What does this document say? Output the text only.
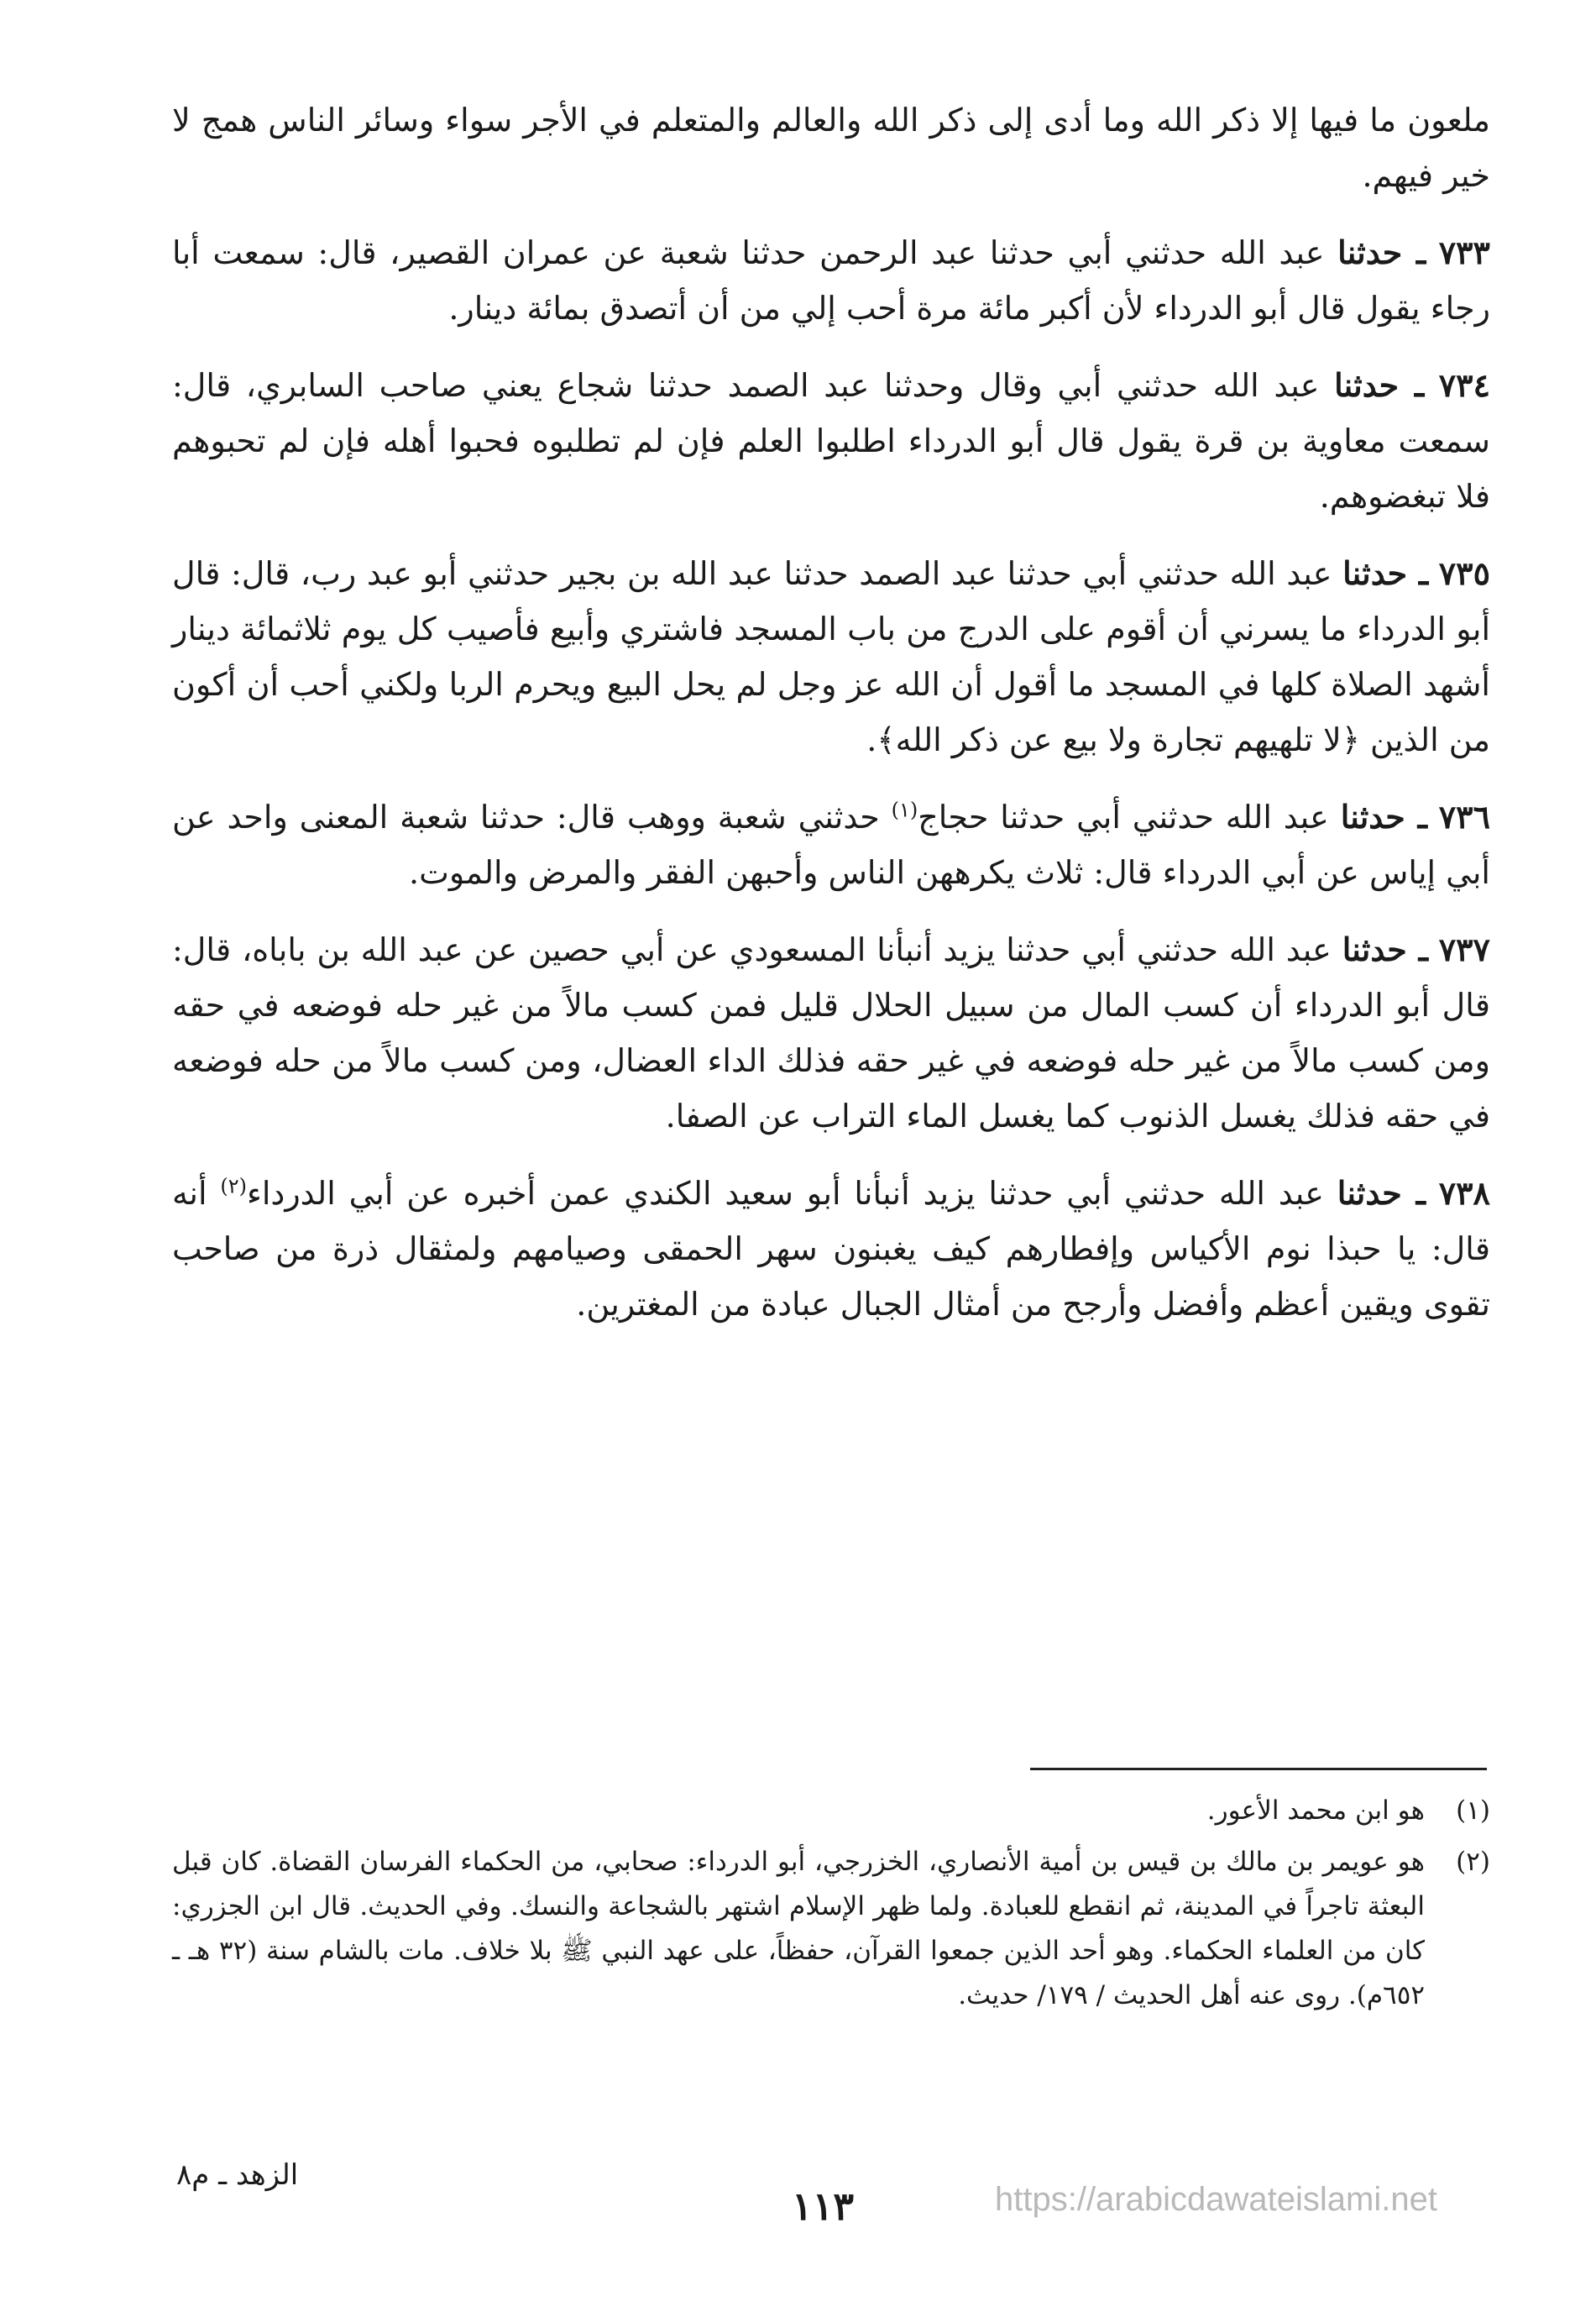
ملعون ما فيها إلا ذكر الله وما أدى إلى ذكر الله والعالم والمتعلم في الأجر سواء وسائر الناس همج لا خير فيهم.

٧٣٣ ـ حدثنا عبد الله حدثني أبي حدثنا عبد الرحمن حدثنا شعبة عن عمران القصير، قال: سمعت أبا رجاء يقول قال أبو الدرداء لأن أكبر مائة مرة أحب إلي من أن أتصدق بمائة دينار.

٧٣٤ ـ حدثنا عبد الله حدثني أبي وقال وحدثنا عبد الصمد حدثنا شجاع يعني صاحب السابري، قال: سمعت معاوية بن قرة يقول قال أبو الدرداء اطلبوا العلم فإن لم تطلبوه فحبوا أهله فإن لم تحبوهم فلا تبغضوهم.

٧٣٥ ـ حدثنا عبد الله حدثني أبي حدثنا عبد الصمد حدثنا عبد الله بن بجير حدثني أبو عبد رب، قال: قال أبو الدرداء ما يسرني أن أقوم على الدرج من باب المسجد فاشتري وأبيع فأصيب كل يوم ثلاثمائة دينار أشهد الصلاة كلها في المسجد ما أقول أن الله عز وجل لم يحل البيع ويحرم الربا ولكني أحب أن أكون من الذين ﴿لا تلهيهم تجارة ولا بيع عن ذكر الله﴾.

٧٣٦ ـ حدثنا عبد الله حدثني أبي حدثنا حجاج$^{(١)}$ حدثني شعبة ووهب قال: حدثنا شعبة المعنى واحد عن أبي إياس عن أبي الدرداء قال: ثلاث يكرههن الناس وأحبهن الفقر والمرض والموت.

٧٣٧ ـ حدثنا عبد الله حدثني أبي حدثنا يزيد أنبأنا المسعودي عن أبي حصين عن عبد الله بن باباه، قال: قال أبو الدرداء أن كسب المال من سبيل الحلال قليل فمن كسب مالاً من غير حله فوضعه في حقه ومن كسب مالاً من غير حله فوضعه في غير حقه فذلك الداء العضال، ومن كسب مالاً من حله فوضعه في حقه فذلك يغسل الذنوب كما يغسل الماء التراب عن الصفا.

٧٣٨ ـ حدثنا عبد الله حدثني أبي حدثنا يزيد أنبأنا أبو سعيد الكندي عمن أخبره عن أبي الدرداء$^{(٢)}$ أنه قال: يا حبذا نوم الأكياس وإفطارهم كيف يغبنون سهر الحمقى وصيامهم ولمثقال ذرة من صاحب تقوى ويقين أعظم وأفضل وأرجح من أمثال الجبال عبادة من المغترين.

(١)
هو ابن محمد الأعور.
(٢)
هو عويمر بن مالك بن قيس بن أمية الأنصاري، الخزرجي، أبو الدرداء: صحابي، من الحكماء الفرسان القضاة. كان قبل البعثة تاجراً في المدينة، ثم انقطع للعبادة. ولما ظهر الإسلام اشتهر بالشجاعة والنسك. وفي الحديث. قال ابن الجزري: كان من العلماء الحكماء. وهو أحد الذين جمعوا القرآن، حفظاً، على عهد النبي ﷺ بلا خلاف. مات بالشام سنة (٣٢ هـ ـ ٦٥٢م). روى عنه أهل الحديث / ١٧٩/ حديث.
الزهد ـ م٨
١١٣	https://arabicdawateislami.net
